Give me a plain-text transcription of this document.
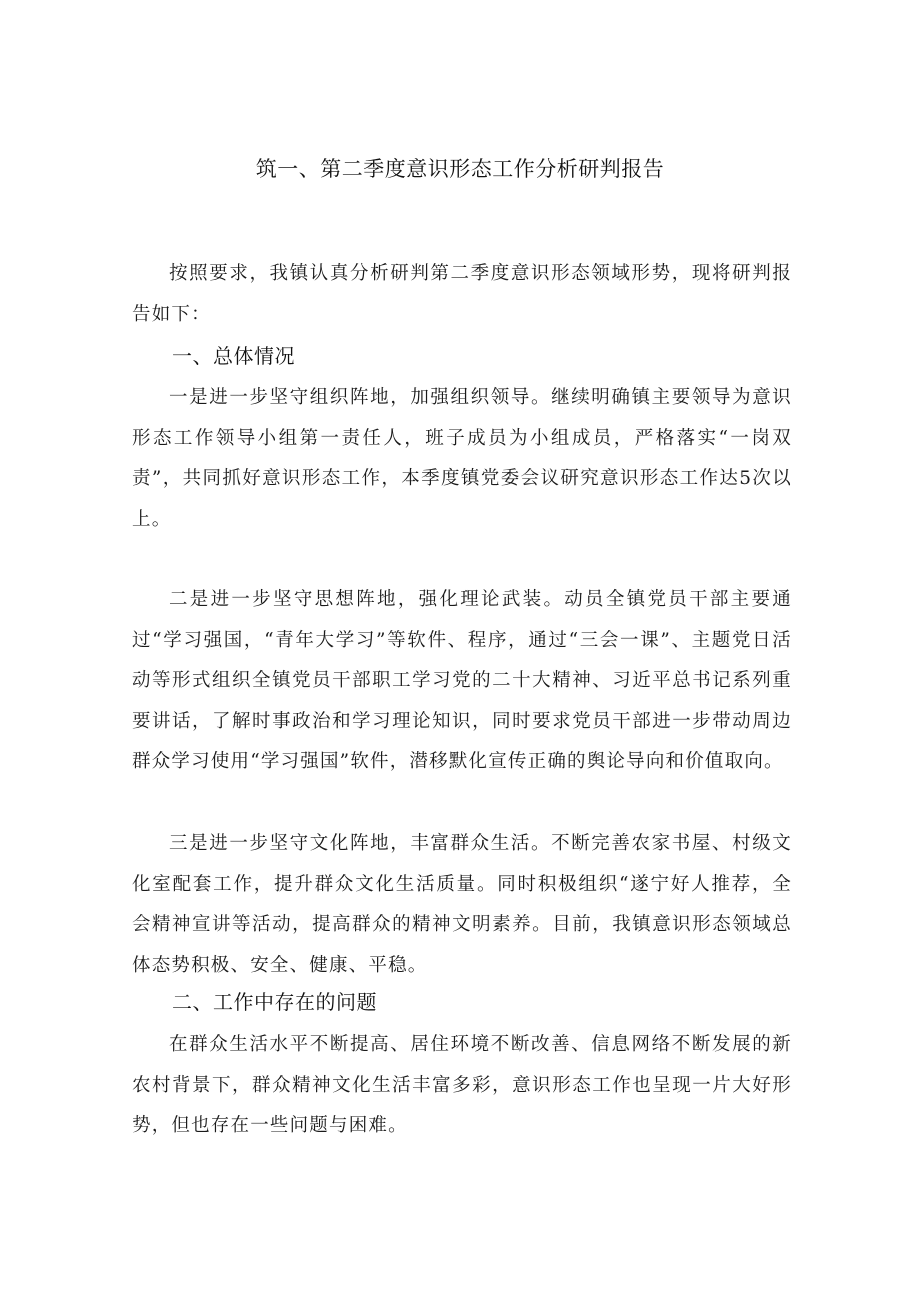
筑一、第二季度意识形态工作分析研判报告

按照要求，我镇认真分析研判第二季度意识形态领域形势，现将研判报告如下：

一、总体情况

一是进一步坚守组织阵地，加强组织领导。继续明确镇主要领导为意识形态工作领导小组第一责任人，班子成员为小组成员，严格落实“一岗双责”，共同抓好意识形态工作，本季度镇党委会议研究意识形态工作达5次以上。

二是进一步坚守思想阵地，强化理论武装。动员全镇党员干部主要通过“学习强国，“青年大学习”等软件、程序，通过“三会一课”、主题党日活动等形式组织全镇党员干部职工学习党的二十大精神、习近平总书记系列重要讲话，了解时事政治和学习理论知识，同时要求党员干部进一步带动周边群众学习使用“学习强国”软件，潜移默化宣传正确的舆论导向和价值取向。

三是进一步坚守文化阵地，丰富群众生活。不断完善农家书屋、村级文化室配套工作，提升群众文化生活质量。同时积极组织“遂宁好人推荐，全会精神宣讲等活动，提高群众的精神文明素养。目前，我镇意识形态领域总体态势积极、安全、健康、平稳。

二、工作中存在的问题

在群众生活水平不断提高、居住环境不断改善、信息网络不断发展的新农村背景下，群众精神文化生活丰富多彩，意识形态工作也呈现一片大好形势，但也存在一些问题与困难。
